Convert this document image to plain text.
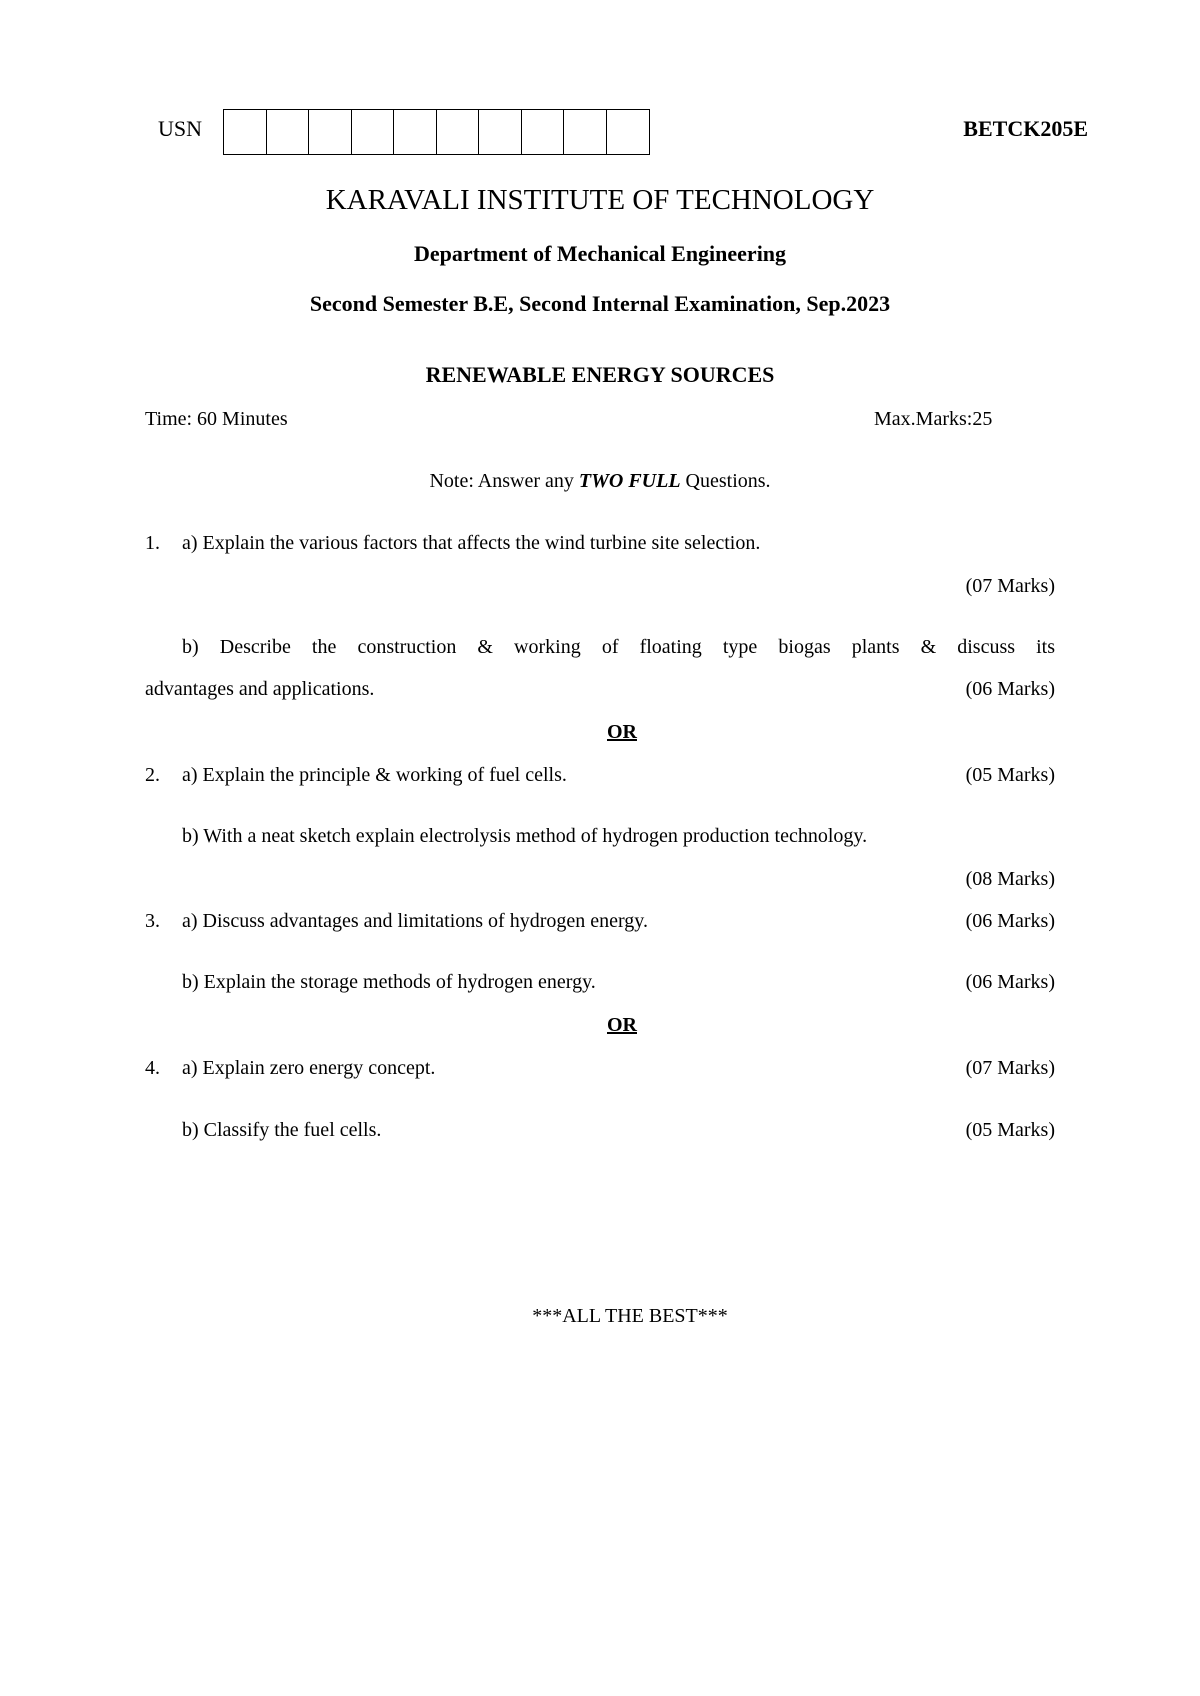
USN	BETCK205E
KARAVALI INSTITUTE OF TECHNOLOGY
Department of Mechanical Engineering
Second Semester B.E, Second Internal Examination, Sep.2023
RENEWABLE ENERGY SOURCES
Time: 60 Minutes	Max.Marks:25
Note: Answer any TWO FULL Questions.
1. a) Explain the various factors that affects the wind turbine site selection.
(07 Marks)
b) Describe the construction & working of floating type biogas plants & discuss its
advantages and applications.	(06 Marks)
OR
2. a) Explain the principle & working of fuel cells.	(05 Marks)
b) With a neat sketch explain electrolysis method of hydrogen production technology.
(08 Marks)
3. a) Discuss advantages and limitations of hydrogen energy.	(06 Marks)
b) Explain the storage methods of hydrogen energy.	(06 Marks)
OR
4. a) Explain zero energy concept.	(07 Marks)
b) Classify the fuel cells.	(05 Marks)
***ALL THE BEST***
